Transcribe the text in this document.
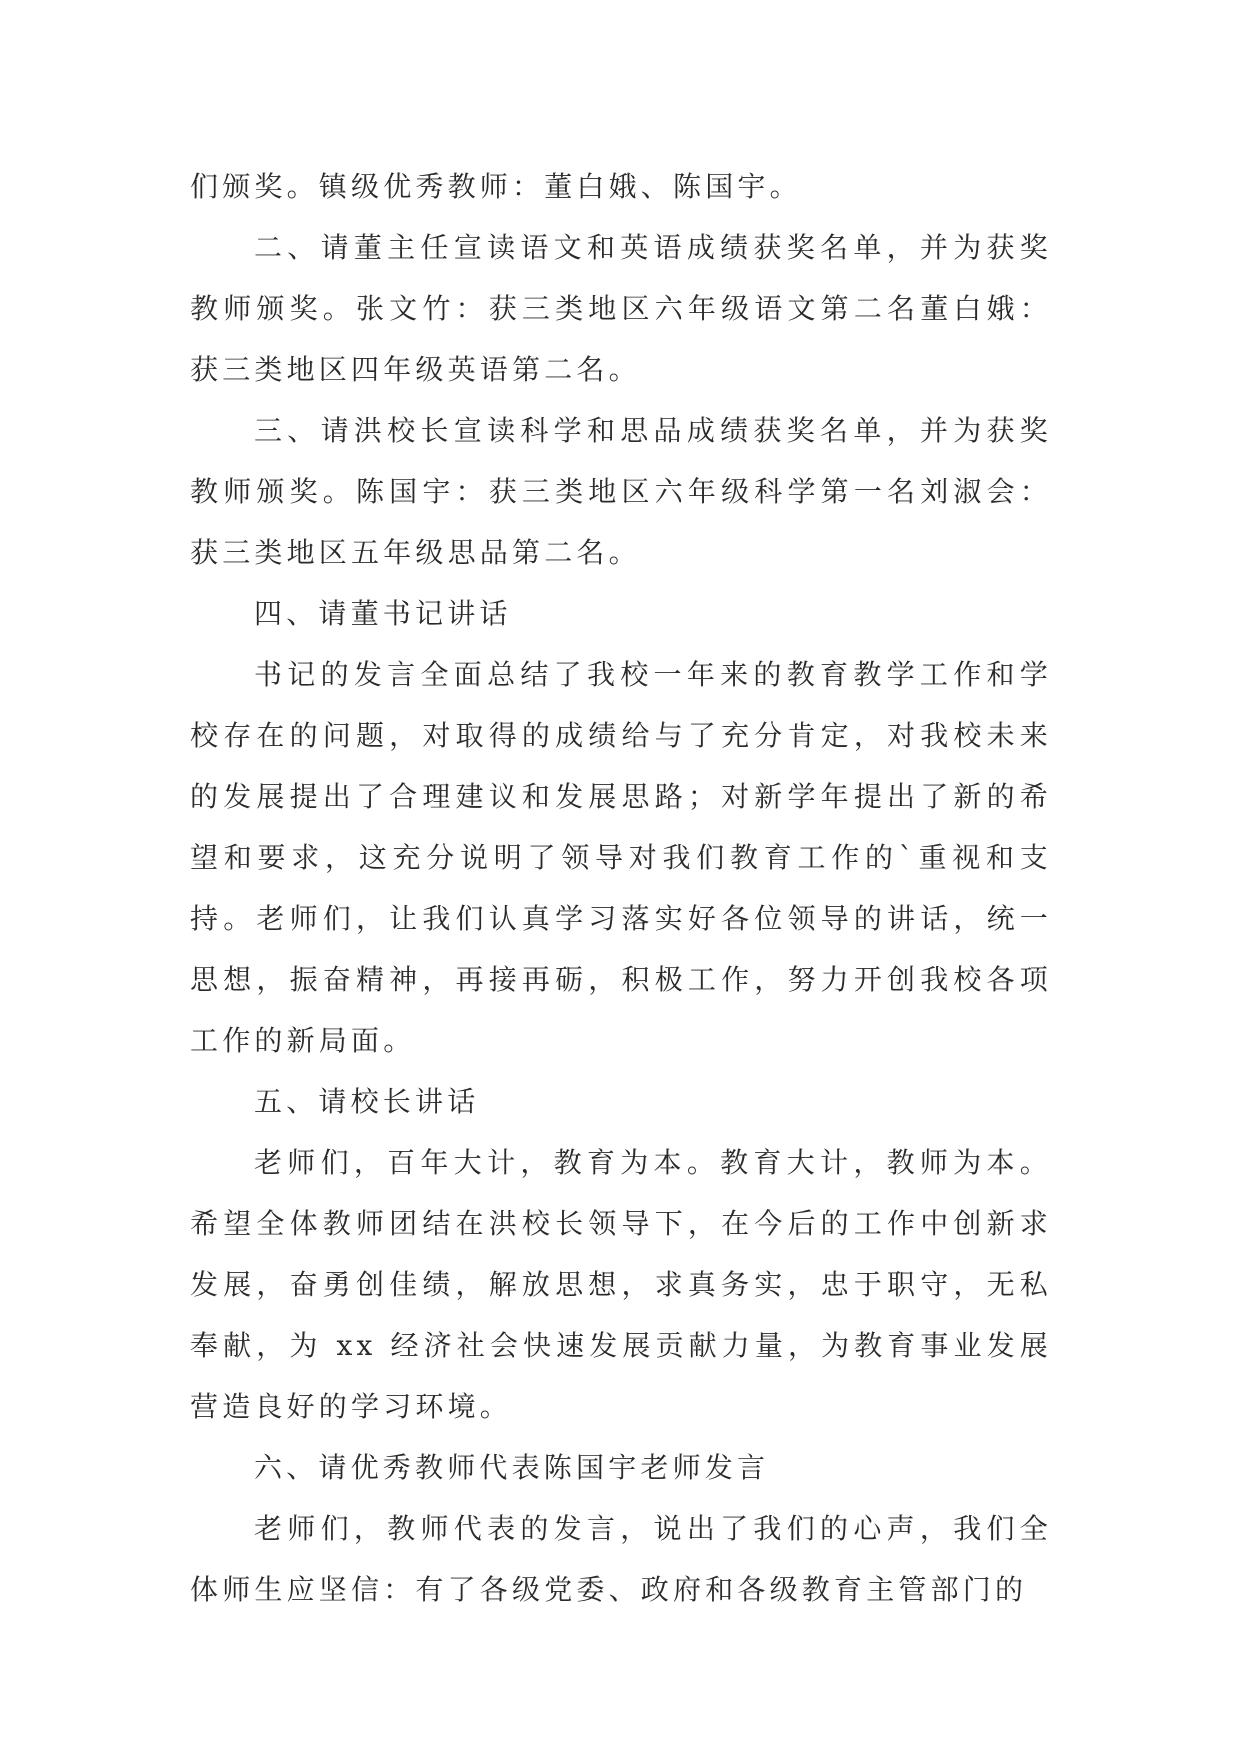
们颁奖。镇级优秀教师：董白娥、陈国宇。

二、请董主任宣读语文和英语成绩获奖名单，并为获奖教师颁奖。张文竹：获三类地区六年级语文第二名董白娥：获三类地区四年级英语第二名。

三、请洪校长宣读科学和思品成绩获奖名单，并为获奖教师颁奖。陈国宇：获三类地区六年级科学第一名刘淑会：获三类地区五年级思品第二名。

四、请董书记讲话

书记的发言全面总结了我校一年来的教育教学工作和学校存在的问题，对取得的成绩给与了充分肯定，对我校未来的发展提出了合理建议和发展思路；对新学年提出了新的希望和要求，这充分说明了领导对我们教育工作的`重视和支持。老师们，让我们认真学习落实好各位领导的讲话，统一思想，振奋精神，再接再砺，积极工作，努力开创我校各项工作的新局面。

五、请校长讲话

老师们，百年大计，教育为本。教育大计，教师为本。希望全体教师团结在洪校长领导下，在今后的工作中创新求发展，奋勇创佳绩，解放思想，求真务实，忠于职守，无私奉献，为 xx 经济社会快速发展贡献力量，为教育事业发展营造良好的学习环境。

六、请优秀教师代表陈国宇老师发言

老师们，教师代表的发言，说出了我们的心声，我们全体师生应坚信：有了各级党委、政府和各级教育主管部门的
